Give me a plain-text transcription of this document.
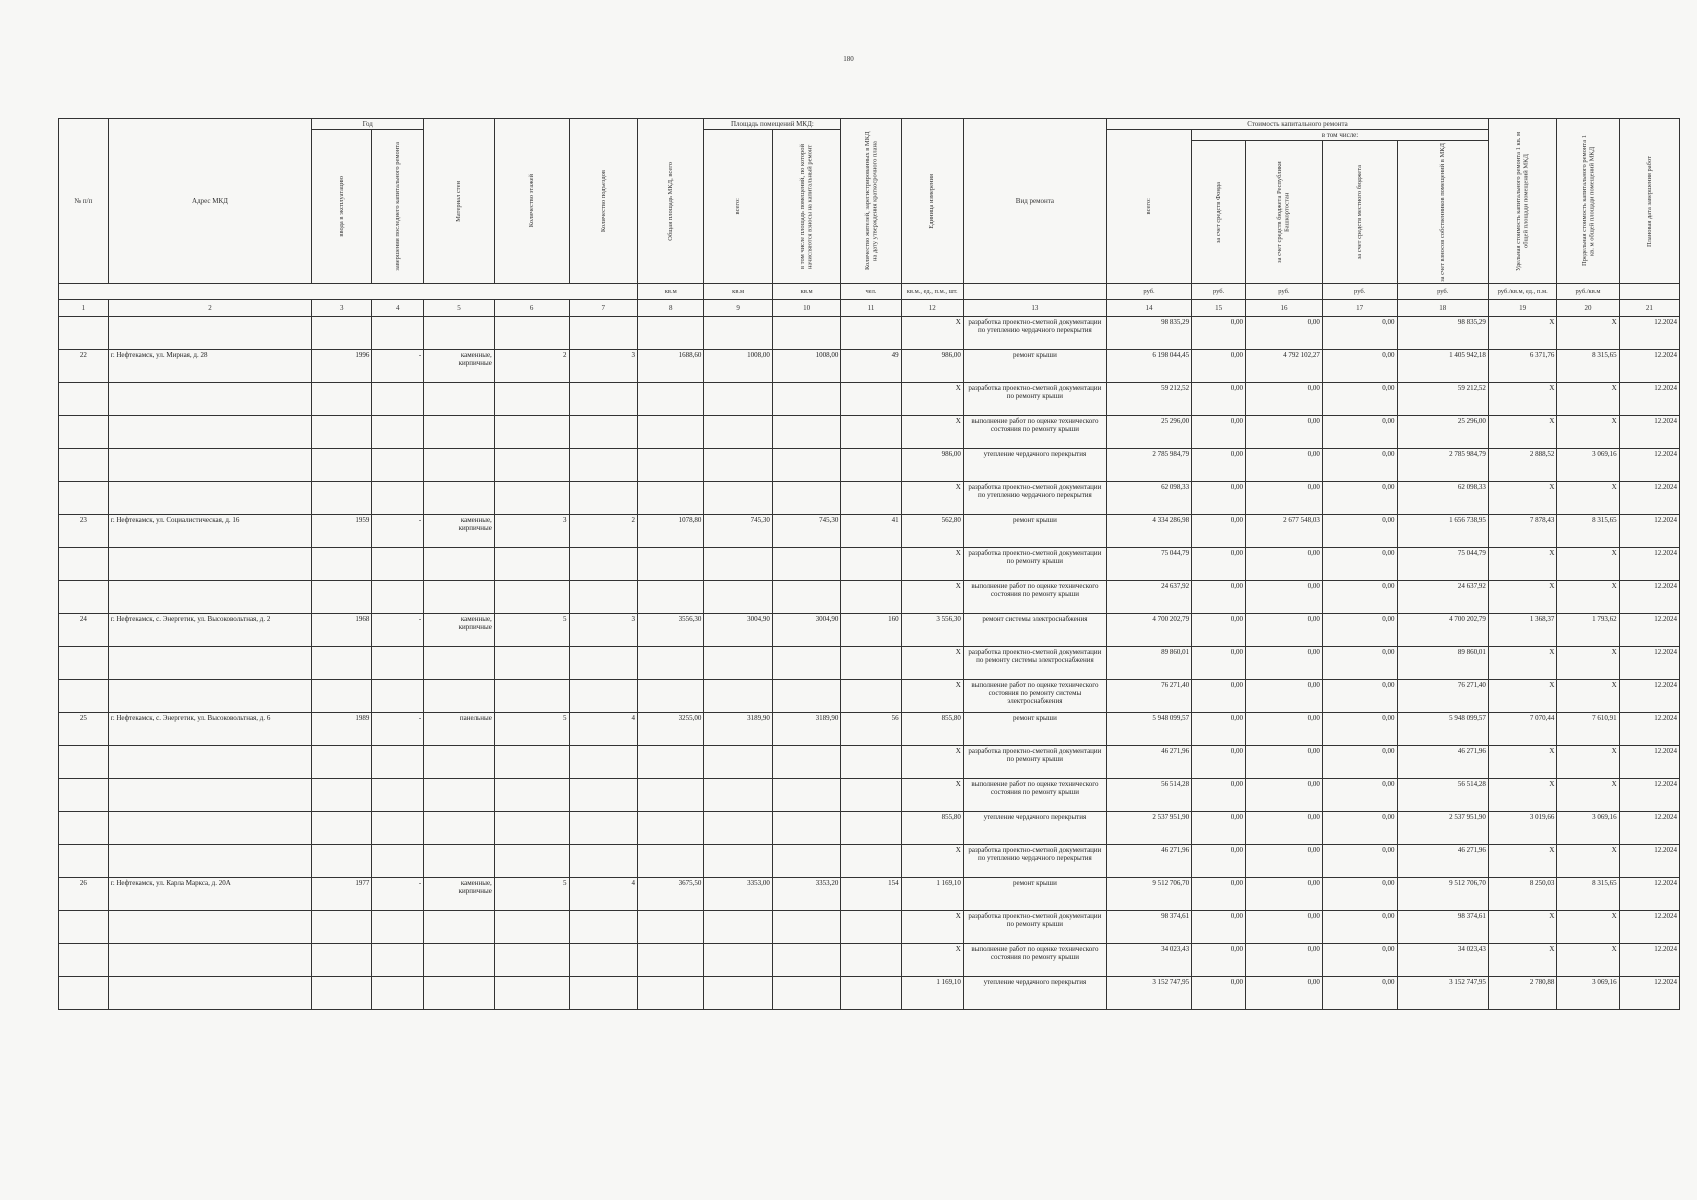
180
№ п/п	Адрес МКД	Год		Материал стен	Количество этажей	Количество подъездов	Общая площадь МКД, всего	Площадь помещений МКД:		Количество жителей, зарегистрированных в МКД на дату утверждения краткосрочного плана	Единица измерения	Вид ремонта	Стоимость капитального ремонта					Удельная стоимость капитального ремонта 1 кв. м общей площади помещений МКД	Предельная стоимость капитального ремонта 1 кв. м общей площади помещений МКД	Плановая дата завершения работ

		ввода в эксплуатацию	завершения последнего капитального ремонта					всего:	в том числе площадь помещений, по которой начисляются взносы на капитальный ремонт				всего:	в том числе:						

														за счет средств Фонда	за счет средств бюджета Республики Башкортостан	за счет средств местного бюджета	за счет взносов собственников помещений в МКД			

							кв.м	кв.м	кв.м	чел.	кв.м., ед., п.м., шт.		руб.	руб.	руб.	руб.	руб.	руб./кв.м, ед., п.м.	руб./кв.м	
1	2	3	4	5	6	7	8	9	10	11	12	13	14	15	16	17	18	19	20	21
											X	разработка проектно-сметной документации по утеплению чердачного перекрытия	98 835,29	0,00	0,00	0,00	98 835,29	X	X	12.2024
22	г. Нефтекамск, ул. Мирная, д. 28	1996	-	каменные, кирпичные	2	3	1688,60	1008,00	1008,00	49	986,00	ремонт крыши	6 198 044,45	0,00	4 792 102,27	0,00	1 405 942,18	6 371,76	8 315,65	12.2024
											X	разработка проектно-сметной документации по ремонту крыши	59 212,52	0,00	0,00	0,00	59 212,52	X	X	12.2024
											X	выполнение работ по оценке технического состояния по ремонту крыши	25 296,00	0,00	0,00	0,00	25 296,00	X	X	12.2024
											986,00	утепление чердачного перекрытия	2 785 984,79	0,00	0,00	0,00	2 785 984,79	2 888,52	3 069,16	12.2024
											X	разработка проектно-сметной документации по утеплению чердачного перекрытия	62 098,33	0,00	0,00	0,00	62 098,33	X	X	12.2024
23	г. Нефтекамск, ул. Социалистическая, д. 16	1959	-	каменные, кирпичные	3	2	1078,80	745,30	745,30	41	562,80	ремонт крыши	4 334 286,98	0,00	2 677 548,03	0,00	1 656 738,95	7 878,43	8 315,65	12.2024
											X	разработка проектно-сметной документации по ремонту крыши	75 044,79	0,00	0,00	0,00	75 044,79	X	X	12.2024
											X	выполнение работ по оценке технического состояния по ремонту крыши	24 637,92	0,00	0,00	0,00	24 637,92	X	X	12.2024
24	г. Нефтекамск, с. Энергетик, ул. Высоковольтная, д. 2	1968	-	каменные, кирпичные	5	3	3556,30	3004,90	3004,90	160	3 556,30	ремонт системы электроснабжения	4 700 202,79	0,00	0,00	0,00	4 700 202,79	1 368,37	1 793,62	12.2024
											X	разработка проектно-сметной документации по ремонту системы электроснабжения	89 860,01	0,00	0,00	0,00	89 860,01	X	X	12.2024
											X	выполнение работ по оценке технического состояния по ремонту системы электроснабжения	76 271,40	0,00	0,00	0,00	76 271,40	X	X	12.2024
25	г. Нефтекамск, с. Энергетик, ул. Высоковольтная, д. 6	1989	-	панельные	5	4	3255,00	3189,90	3189,90	56	855,80	ремонт крыши	5 948 099,57	0,00	0,00	0,00	5 948 099,57	7 070,44	7 610,91	12.2024
											X	разработка проектно-сметной документации по ремонту крыши	46 271,96	0,00	0,00	0,00	46 271,96	X	X	12.2024
											X	выполнение работ по оценке технического состояния по ремонту крыши	56 514,28	0,00	0,00	0,00	56 514,28	X	X	12.2024
											855,80	утепление чердачного перекрытия	2 537 951,90	0,00	0,00	0,00	2 537 951,90	3 019,66	3 069,16	12.2024
											X	разработка проектно-сметной документации по утеплению чердачного перекрытия	46 271,96	0,00	0,00	0,00	46 271,96	X	X	12.2024
26	г. Нефтекамск, ул. Карла Маркса, д. 20А	1977	-	каменные, кирпичные	5	4	3675,50	3353,00	3353,20	154	1 169,10	ремонт крыши	9 512 706,70	0,00	0,00	0,00	9 512 706,70	8 250,03	8 315,65	12.2024
											X	разработка проектно-сметной документации по ремонту крыши	98 374,61	0,00	0,00	0,00	98 374,61	X	X	12.2024
											X	выполнение работ по оценке технического состояния по ремонту крыши	34 023,43	0,00	0,00	0,00	34 023,43	X	X	12.2024
											1 169,10	утепление чердачного перекрытия	3 152 747,95	0,00	0,00	0,00	3 152 747,95	2 780,88	3 069,16	12.2024
